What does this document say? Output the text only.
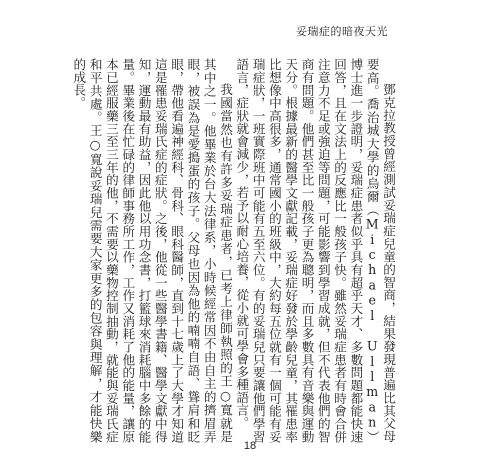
妥瑞症的暗夜天光

鄧克拉教授曾經測試妥瑞症兒童的智商，結果發現普遍比其父母要高。喬治城大學的烏爾（Michael Ullman）博士進一步證明，妥瑞症患者似乎具有超乎天才、多數問題都能快速回答，且在文法上的反應比一般孩子快。雖然妥瑞症患者有時會合併注意力不足或強迫等問題，可能影響到學習成就，但不代表他們的智商有問題。他們甚至比一般孩子更為聰明，而且多數具有音樂與運動天分。根據最新的醫學文獻記載，妥瑞症好發於學齡兒童，其罹患率比想像中高很多，通常國小的班級中，大約每五位就有一個可能有妥瑞症狀，一班實際班中可能有五至六位。有的妥瑞兒只要讓他們學習語言，症狀就會減少，若予以耐心培養，從小就可學會多種語言。

我國當然也有許多妥瑞症患者，已考上律師執照的王○寬就是其中之一。他畢業於台大法律系，小時候經常因不由自主的擠眉弄眼，被誤為是愛搗蛋的孩子。父母也因為他的喃喃自語、聳肩和眨眼，帶他看遍神經科、骨科、眼科醫師，直到十七歲上了大學才知道這是罹患妥瑞氏症的症狀。之後，他從一些醫學書籍、醫學文獻中得知，運動最有助益，因此他以用功念書，打籃球來消耗腦中多餘的能量。畢業後在忙碌的律師事務所工作，工作又消耗了他的能量，讓原本已經服藥三至三年的他，不需要以藥物控制抽動，就能與妥瑞氏症和平共處。王○寬說妥瑞兒需要大家更多的包容與理解，才能快樂的成長。

18
